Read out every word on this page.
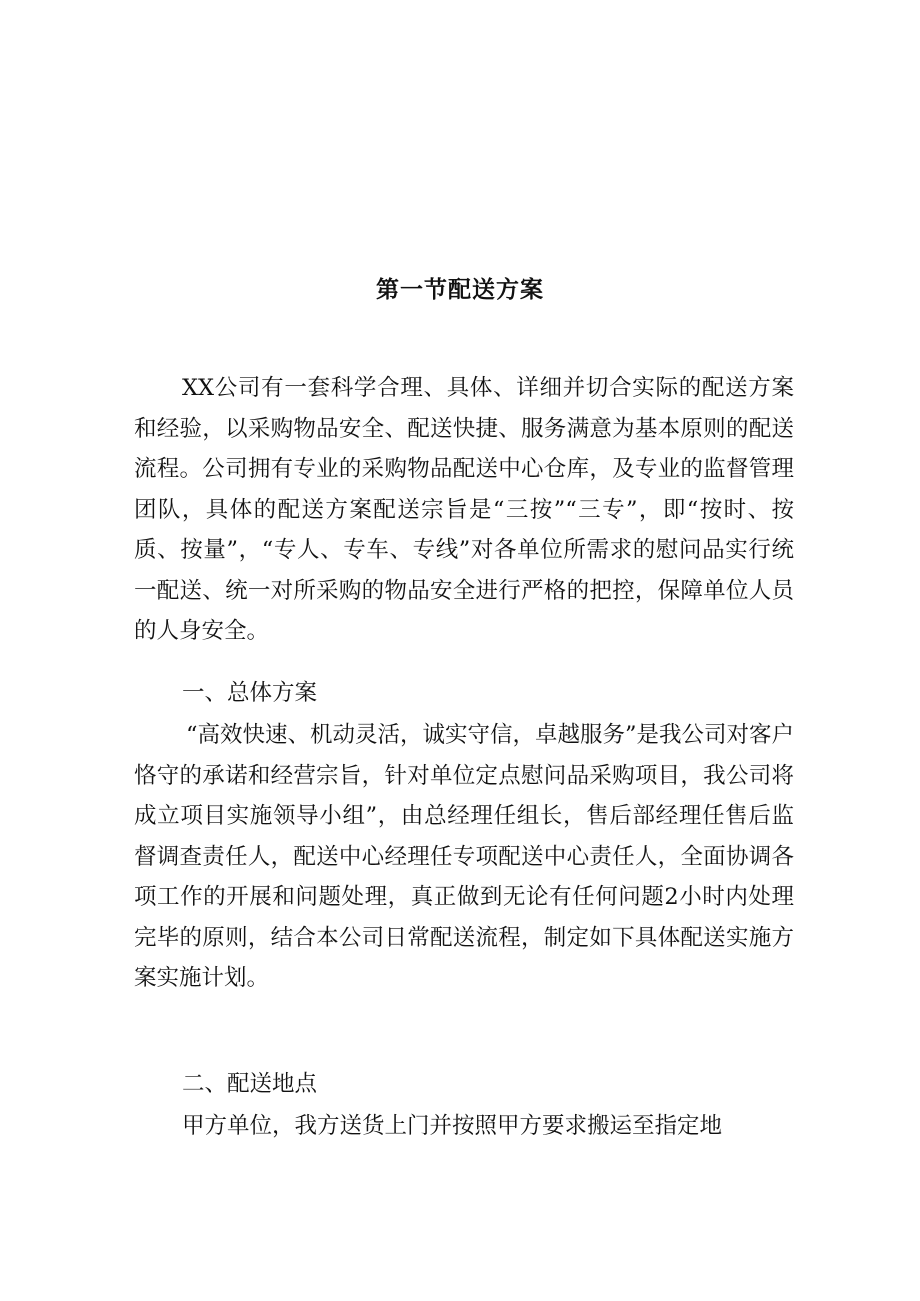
第一节配送方案

XX公司有一套科学合理、具体、详细并切合实际的配送方案和经验，以采购物品安全、配送快捷、服务满意为基本原则的配送流程。公司拥有专业的采购物品配送中心仓库，及专业的监督管理团队，具体的配送方案配送宗旨是“三按”“三专”，即“按时、按质、按量”，“专人、专车、专线”对各单位所需求的慰问品实行统一配送、统一对所采购的物品安全进行严格的把控，保障单位人员的人身安全。

一、总体方案

“高效快速、机动灵活，诚实守信，卓越服务”是我公司对客户恪守的承诺和经营宗旨，针对单位定点慰问品采购项目，我公司将成立项目实施领导小组”，由总经理任组长，售后部经理任售后监督调查责任人，配送中心经理任专项配送中心责任人，全面协调各项工作的开展和问题处理，真正做到无论有任何问题2小时内处理完毕的原则，结合本公司日常配送流程，制定如下具体配送实施方案实施计划。

二、配送地点

甲方单位，我方送货上门并按照甲方要求搬运至指定地
